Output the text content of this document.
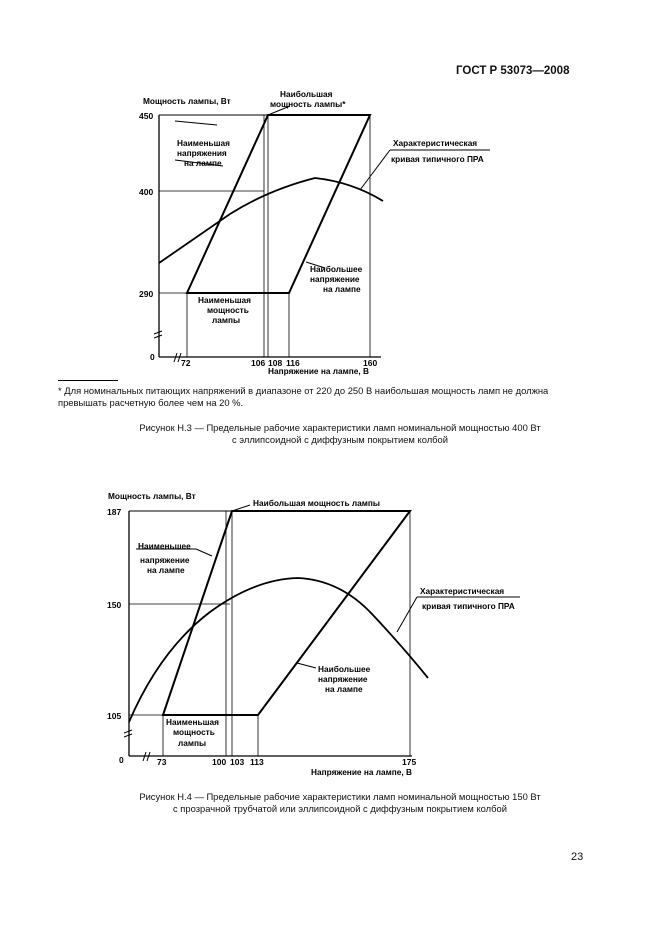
ГОСТ Р 53073—2008
Мощность лампы, Вт
Напряжение на лампе, В
0
450
400
290
72	106 108 116	160
Наибольшая
мощность лампы*
Наименьшая
напряжения
на лампе
Наибольшее
напряжение
на лампе
Наименьшая
мощность
лампы
Характеристическая
кривая типичного ПРА
Мощность лампы, Вт
Напряжение на лампе, В
0
187
150
105
73	100 103 113	175
Наибольшая мощность лампы
Наименьшее
напряжение
на лампе
Наибольшее
напряжение
на лампе
Наименьшая
мощность
лампы
Характеристическая
кривая типичного ПРА
* Для номинальных питающих напряжений в диапазоне от 220 до 250 В наибольшая мощность ламп не должна превышать расчетную более чем на 20 %.
Рисунок Н.3 — Предельные рабочие характеристики ламп номинальной мощностью 400 Вт
с эллипсоидной с диффузным покрытием колбой
Рисунок Н.4 — Предельные рабочие характеристики ламп номинальной мощностью 150 Вт
с прозрачной трубчатой или эллипсоидной с диффузным покрытием колбой
23
